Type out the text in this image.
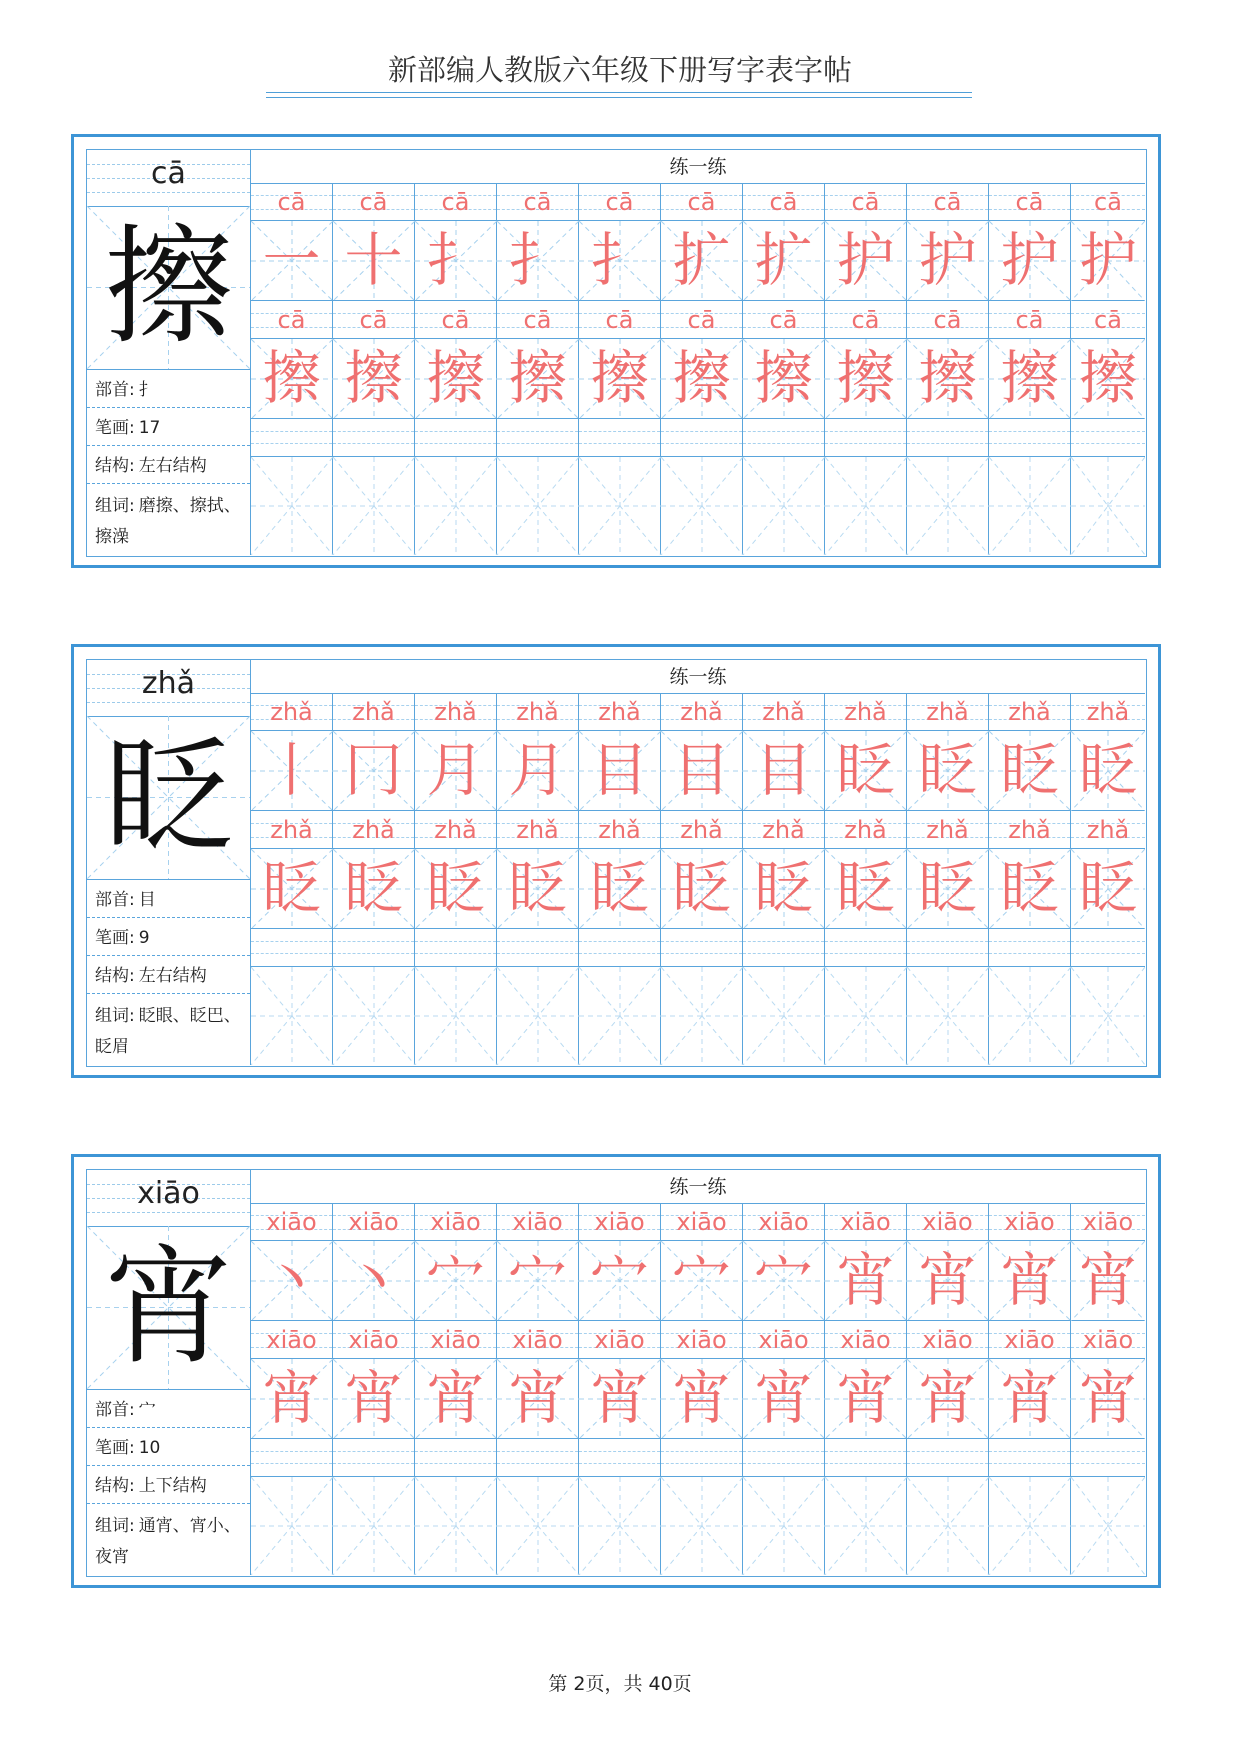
新部编人教版六年级下册写字表字帖
cā
擦
部首: 扌
笔画: 17
结构: 左右结构
组词: 磨擦、擦拭、擦澡
练一练
cā	cā	cā	cā	cā	cā	cā	cā	cā	cā	cā
一 十 扌 扌 扌 扩 扩 护 护 护 护
cā	cā	cā	cā	cā	cā	cā	cā	cā	cā	cā
擦 擦 擦 擦 擦 擦 擦 擦 擦 擦 擦
zhǎ
眨
部首: 目
笔画: 9
结构: 左右结构
组词: 眨眼、眨巴、眨眉
练一练
zhǎ	zhǎ	zhǎ	zhǎ	zhǎ	zhǎ	zhǎ	zhǎ	zhǎ	zhǎ	zhǎ
丨 冂 月 月 目 目 目 眨 眨 眨 眨
zhǎ	zhǎ	zhǎ	zhǎ	zhǎ	zhǎ	zhǎ	zhǎ	zhǎ	zhǎ	zhǎ
眨 眨 眨 眨 眨 眨 眨 眨 眨 眨 眨
xiāo
宵
部首: 宀
笔画: 10
结构: 上下结构
组词: 通宵、宵小、夜宵
练一练
xiāo	xiāo	xiāo	xiāo	xiāo	xiāo	xiāo	xiāo	xiāo	xiāo	xiāo
丶 丶 宀 宀 宀 宀 宀 宵 宵 宵 宵
xiāo	xiāo	xiāo	xiāo	xiāo	xiāo	xiāo	xiāo	xiāo	xiāo	xiāo
宵 宵 宵 宵 宵 宵 宵 宵 宵 宵 宵
第 2页，共 40页
